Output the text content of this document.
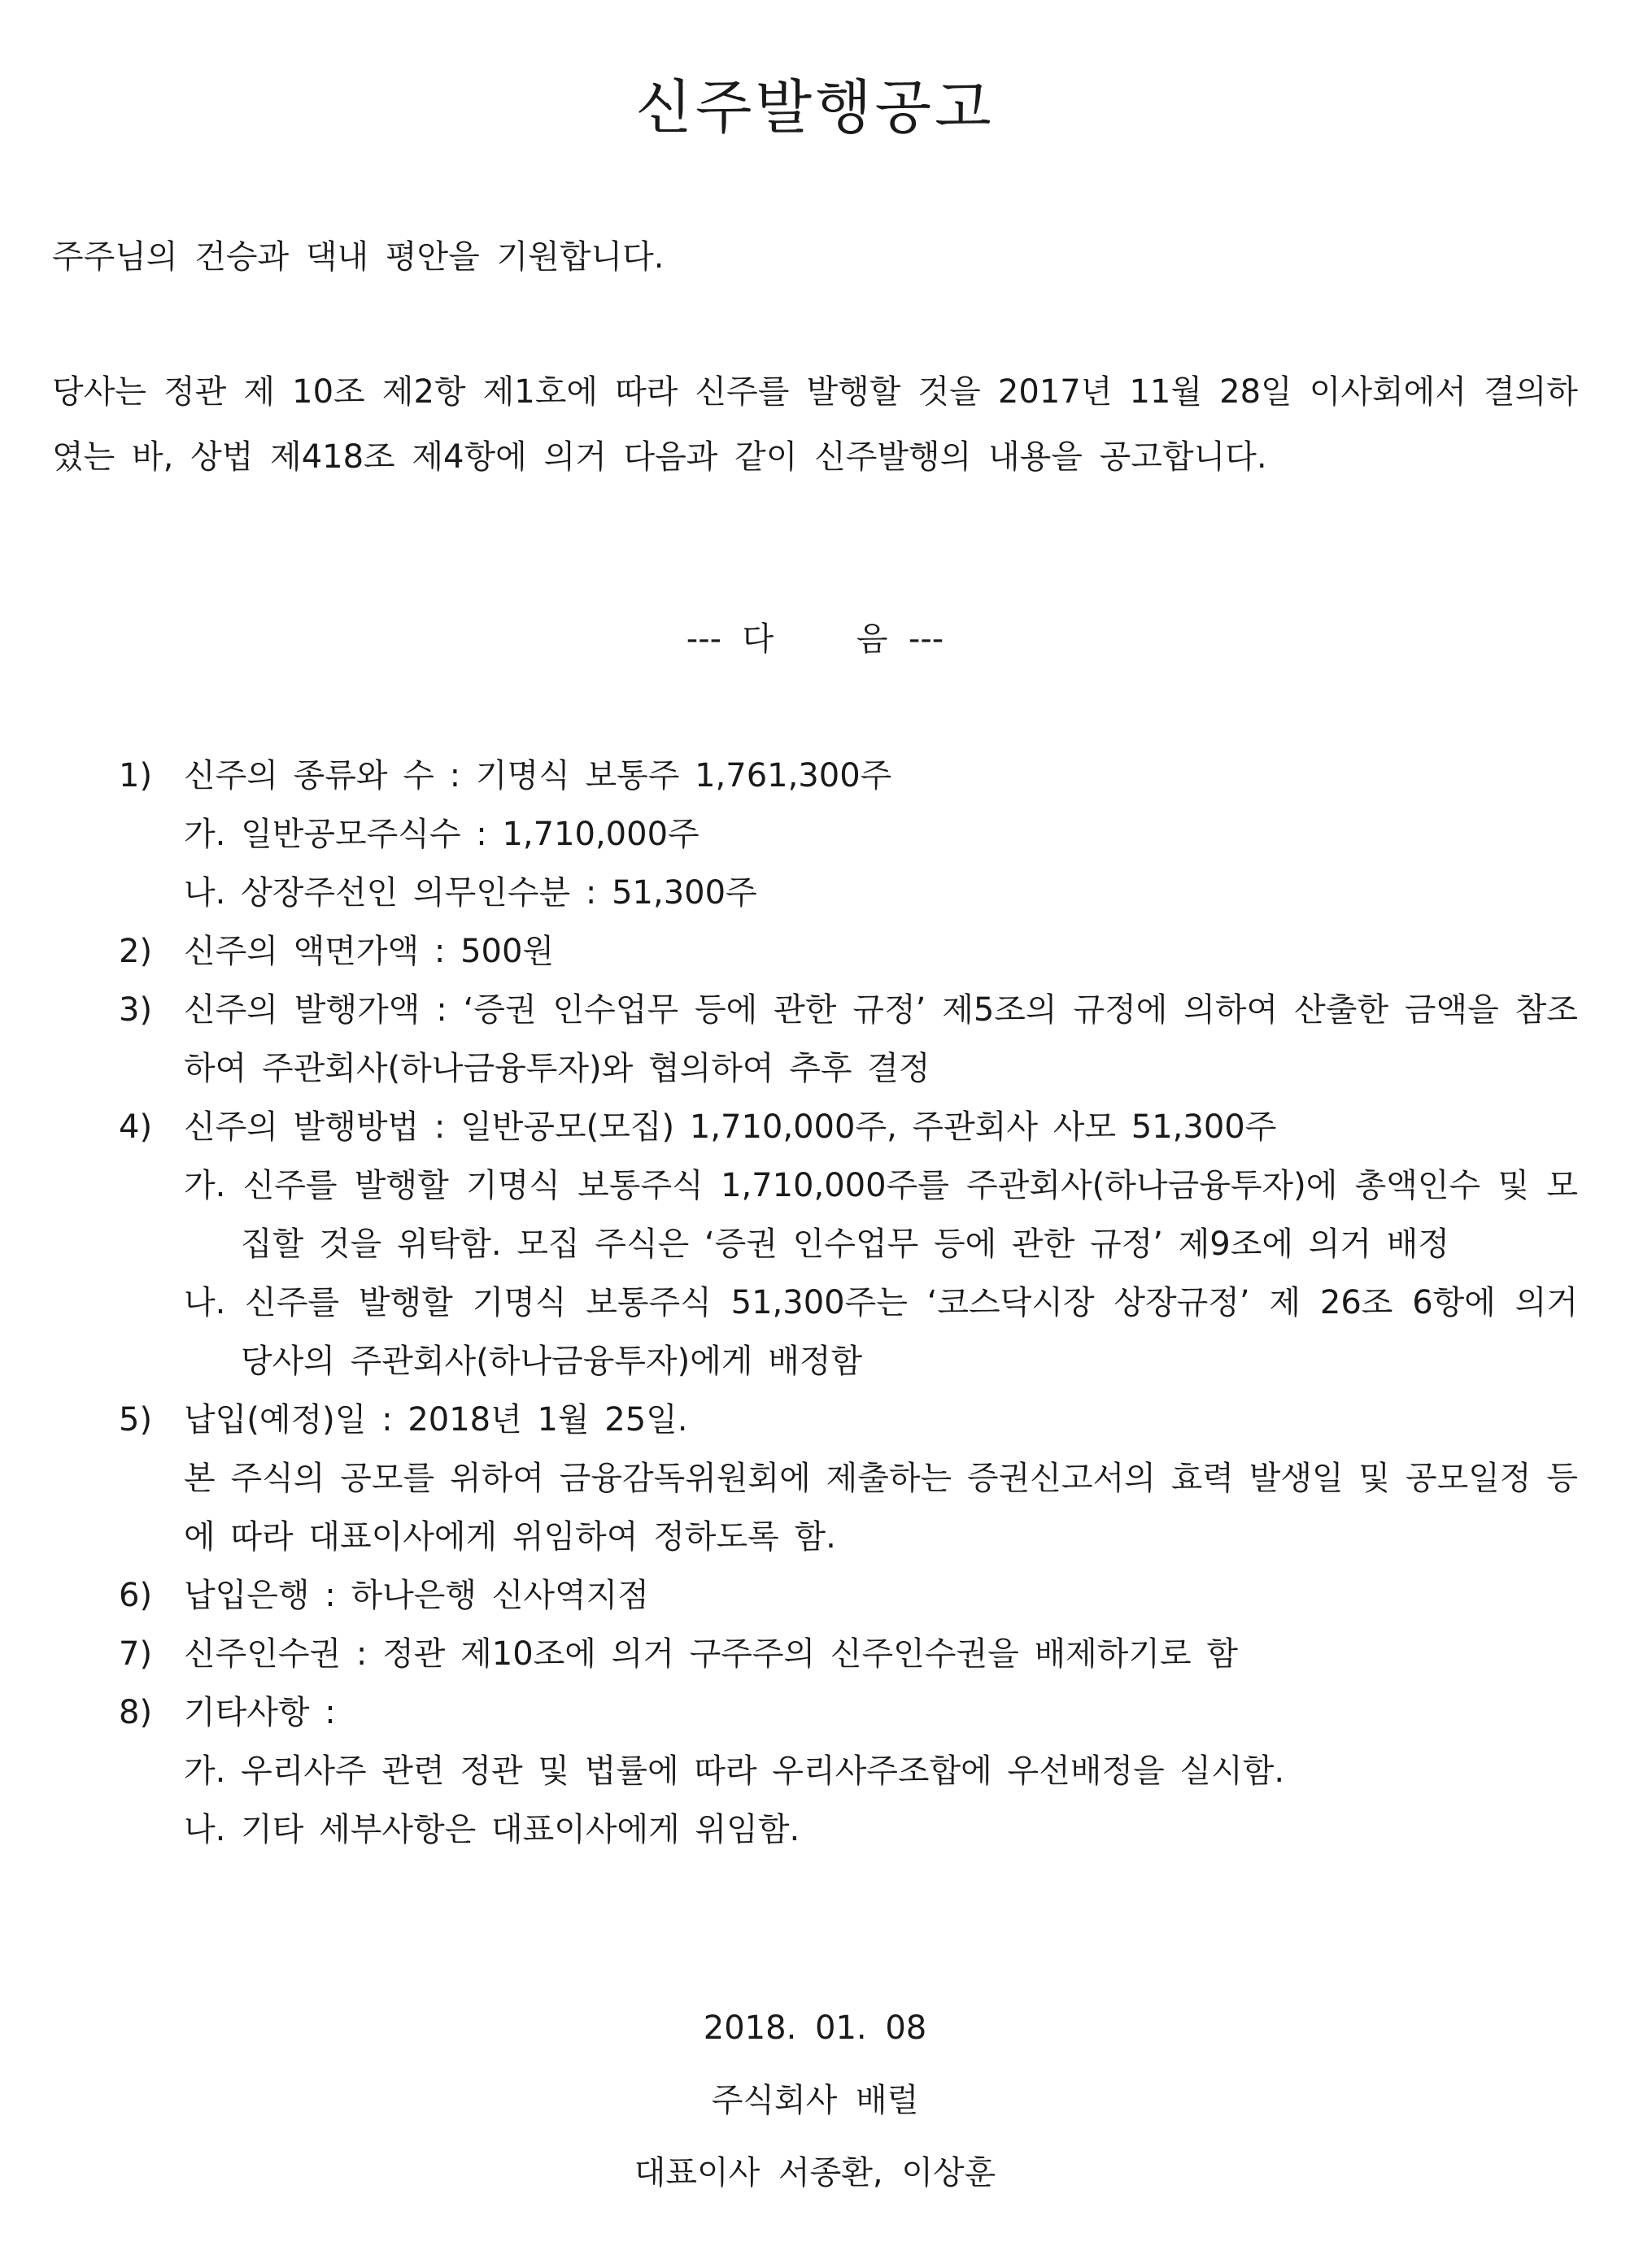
신주발행공고

주주님의 건승과 댁내 평안을 기원합니다.

당사는 정관 제 10조 제2항 제1호에 따라 신주를 발행할 것을 2017년 11월 28일 이사회에서 결의하였는 바, 상법 제418조 제4항에 의거 다음과 같이 신주발행의 내용을 공고합니다.

---  다        음  ---

1) 신주의 종류와 수 : 기명식 보통주 1,761,300주
가. 일반공모주식수 : 1,710,000주
나. 상장주선인 의무인수분 : 51,300주
2) 신주의 액면가액 : 500원
3) 신주의 발행가액 : ‘증권 인수업무 등에 관한 규정’ 제5조의 규정에 의하여 산출한 금액을 참조하여 주관회사(하나금융투자)와 협의하여 추후 결정
4) 신주의 발행방법 : 일반공모(모집) 1,710,000주, 주관회사 사모 51,300주
가. 신주를 발행할 기명식 보통주식 1,710,000주를 주관회사(하나금융투자)에 총액인수 및 모집할 것을 위탁함. 모집 주식은 ‘증권 인수업무 등에 관한 규정’ 제9조에 의거 배정
나. 신주를 발행할 기명식 보통주식 51,300주는 ‘코스닥시장 상장규정’ 제 26조 6항에 의거 당사의 주관회사(하나금융투자)에게 배정함
5) 납입(예정)일 : 2018년 1월 25일.
본 주식의 공모를 위하여 금융감독위원회에 제출하는 증권신고서의 효력 발생일 및 공모일정 등에 따라 대표이사에게 위임하여 정하도록 함.
6) 납입은행 : 하나은행 신사역지점
7) 신주인수권 : 정관 제10조에 의거 구주주의 신주인수권을 배제하기로 함
8) 기타사항 :
가. 우리사주 관련 정관 및 법률에 따라 우리사주조합에 우선배정을 실시함.
나. 기타 세부사항은 대표이사에게 위임함.

2018. 01. 08

주식회사 배럴

대표이사 서종환, 이상훈
